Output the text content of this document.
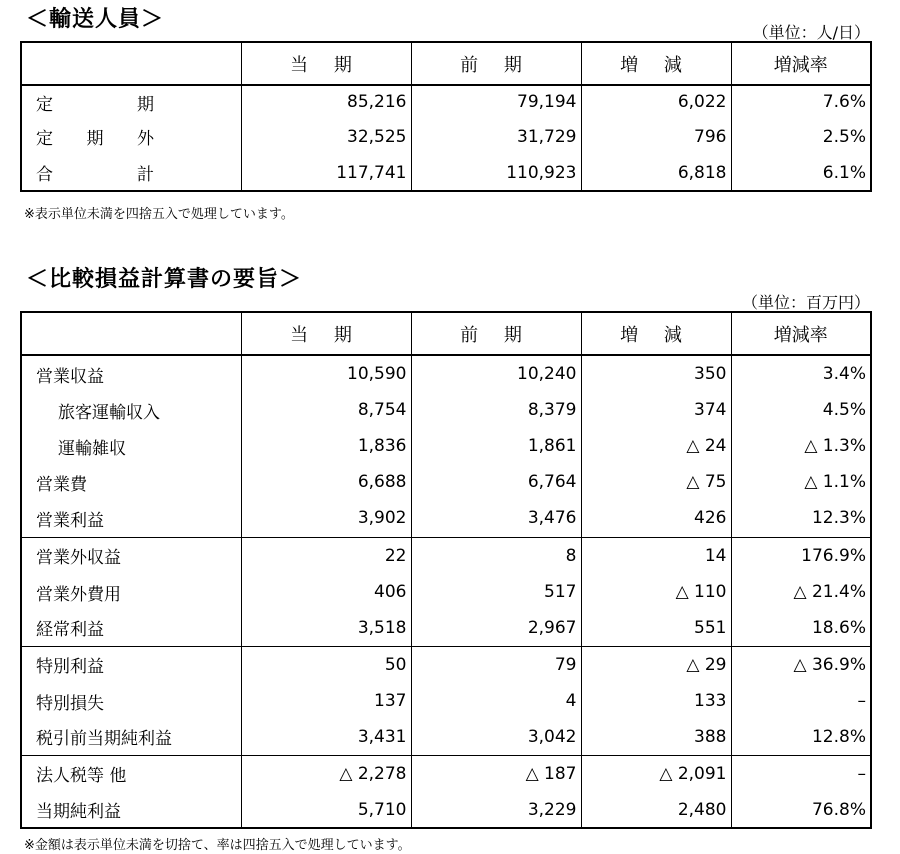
＜輸送人員＞
（単位：人/日）
	当 期	前 期	増 減	増減率

定 期	85,216	79,194	6,022	7.6%

定 期 外	32,525	31,729	796	2.5%

合 計	117,741	110,923	6,818	6.1%
※表示単位未満を四捨五入で処理しています。
＜比較損益計算書の要旨＞
（単位：百万円）
	当 期	前 期	増 減	増減率
営業収益	10,590	10,240	350	3.4%
旅客運輸収入	8,754	8,379	374	4.5%
運輸雑収	1,836	1,861	△ 24	△ 1.3%
営業費	6,688	6,764	△ 75	△ 1.1%
営業利益	3,902	3,476	426	12.3%
営業外収益	22	8	14	176.9%
営業外費用	406	517	△ 110	△ 21.4%
経常利益	3,518	2,967	551	18.6%
特別利益	50	79	△ 29	△ 36.9%
特別損失	137	4	133	–
税引前当期純利益	3,431	3,042	388	12.8%
法人税等 他	△ 2,278	△ 187	△ 2,091	–
当期純利益	5,710	3,229	2,480	76.8%
※金額は表示単位未満を切捨て、率は四捨五入で処理しています。
